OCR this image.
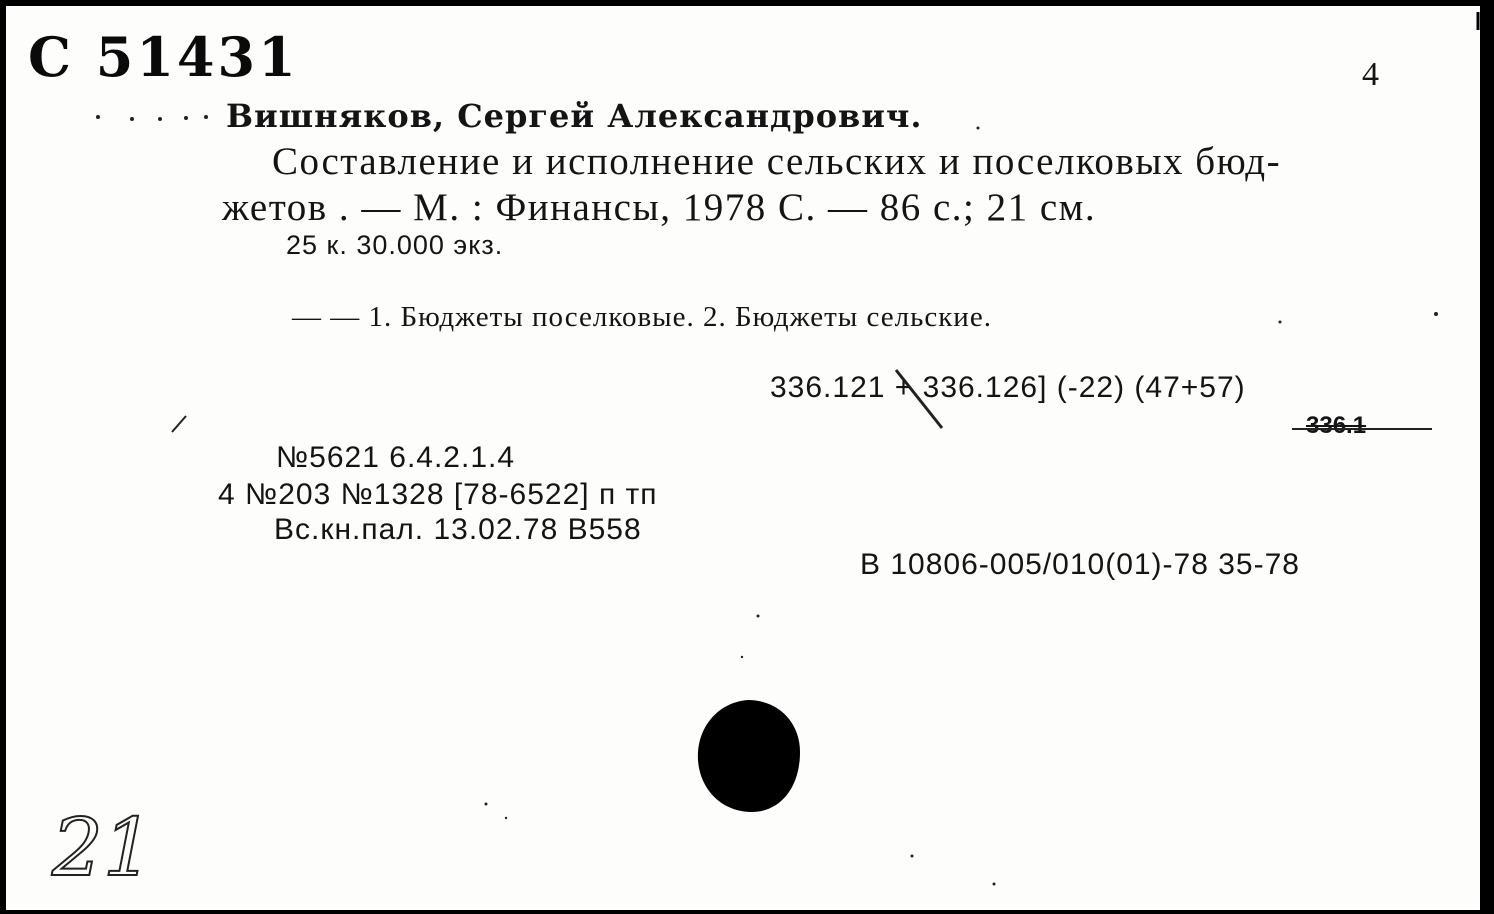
С 51431	4
Вишняков, Сергей Александрович.
Составление и исполнение сельских и поселковых бюд-
жетов . — М. : Финансы, 1978 С. — 86 с.; 21 см.
25 к. 30.000 экз.
— — 1. Бюджеты поселковые. 2. Бюджеты сельские.
336.121 + 336.126] (-22) (47+57)
336.1
№5621 6.4.2.1.4
4 №203 №1328 [78-6522] п тп
Вс.кн.пал. 13.02.78 В558
В 10806-005/010(01)-78 35-78
21
